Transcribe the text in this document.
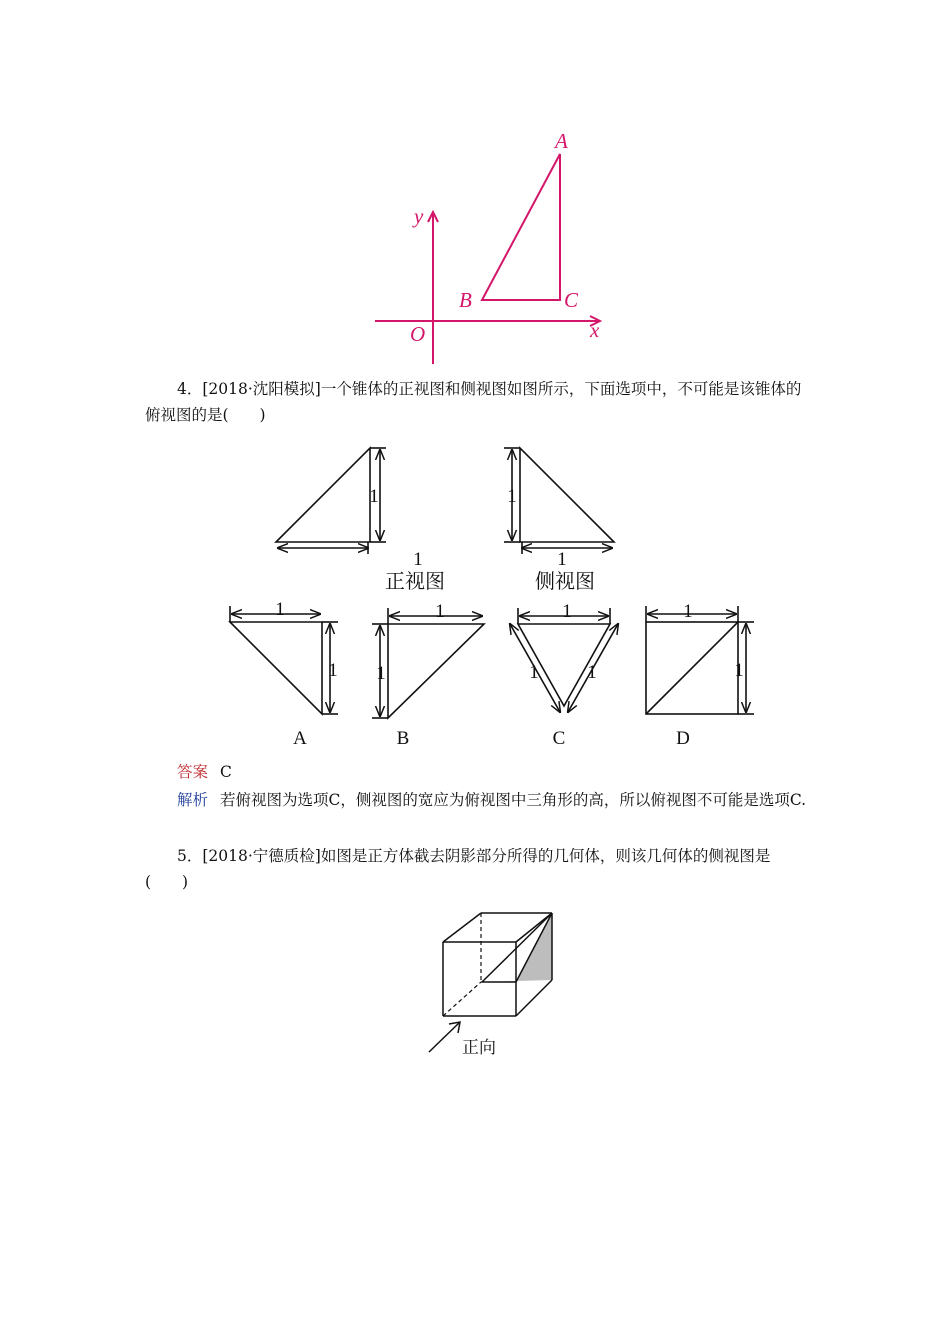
A
B	C
O	x
y
4．[2018·沈阳模拟]一个锥体的正视图和侧视图如图所示，下面选项中，不可能是该锥体的俯视图的是(　　)
1
1
1
1
1
1
1
1
1
1	1
1
1
正视图	侧视图
A	B	C	D
答案 C
解析 若俯视图为选项C，侧视图的宽应为俯视图中三角形的高，所以俯视图不可能是选项C.
5．[2018·宁德质检]如图是正方体截去阴影部分所得的几何体，则该几何体的侧视图是(　　)
正向
